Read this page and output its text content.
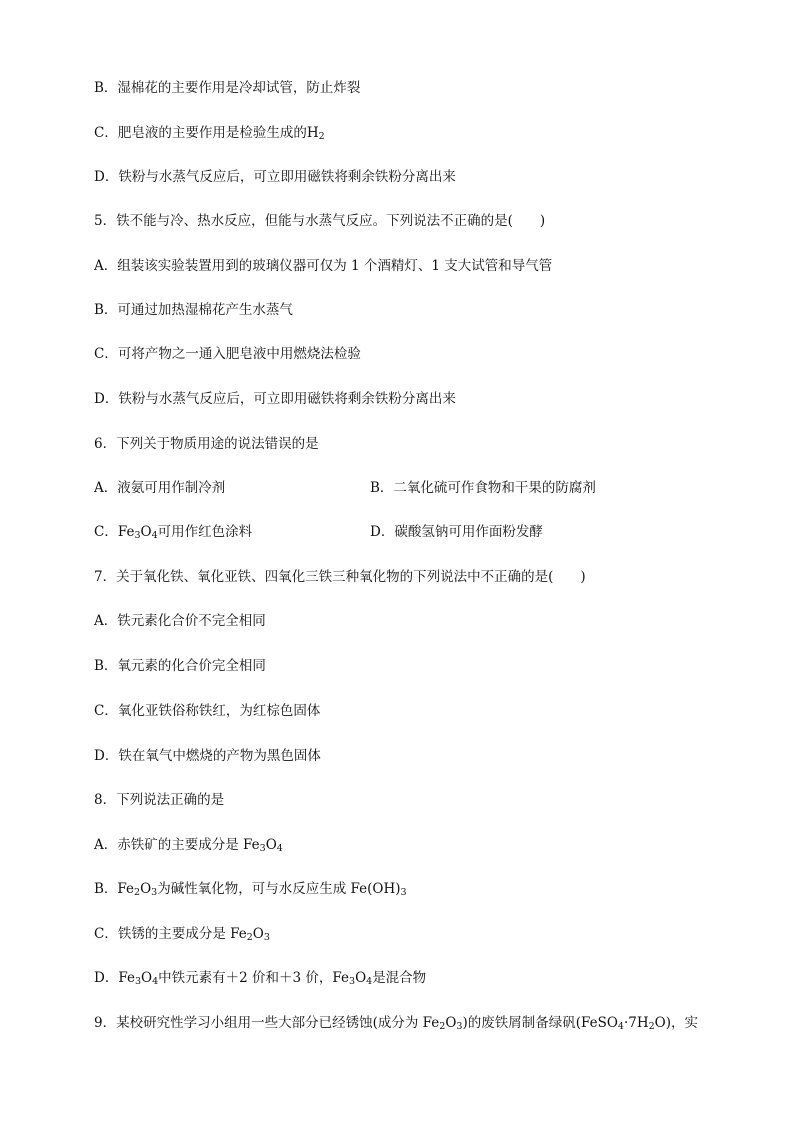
B．湿棉花的主要作用是冷却试管，防止炸裂
C．肥皂液的主要作用是检验生成的$H_2$
D．铁粉与水蒸气反应后，可立即用磁铁将剩余铁粉分离出来
5．铁不能与冷、热水反应，但能与水蒸气反应。下列说法不正确的是(　　)
A．组装该实验装置用到的玻璃仪器可仅为 1 个酒精灯、1 支大试管和导气管
B．可通过加热湿棉花产生水蒸气
C．可将产物之一通入肥皂液中用燃烧法检验
D．铁粉与水蒸气反应后，可立即用磁铁将剩余铁粉分离出来
6．下列关于物质用途的说法错误的是
A．液氨可用作制冷剂	B．二氧化硫可作食物和干果的防腐剂
C．$Fe_3O_4$可用作红色涂料	D．碳酸氢钠可用作面粉发酵
7．关于氧化铁、氧化亚铁、四氧化三铁三种氧化物的下列说法中不正确的是(　　)
A．铁元素化合价不完全相同
B．氧元素的化合价完全相同
C．氧化亚铁俗称铁红，为红棕色固体
D．铁在氧气中燃烧的产物为黑色固体
8．下列说法正确的是
A．赤铁矿的主要成分是 $Fe_3O_4$
B．$Fe_2O_3$为碱性氧化物，可与水反应生成 $Fe(OH)_3$
C．铁锈的主要成分是 $Fe_2O_3$
D．$Fe_3O_4$中铁元素有＋2 价和＋3 价，$Fe_3O_4$是混合物
9．某校研究性学习小组用一些大部分已经锈蚀(成分为 $Fe_2O_3$)的废铁屑制备绿矾$(FeSO_4\cdot 7H_2O)$，实
